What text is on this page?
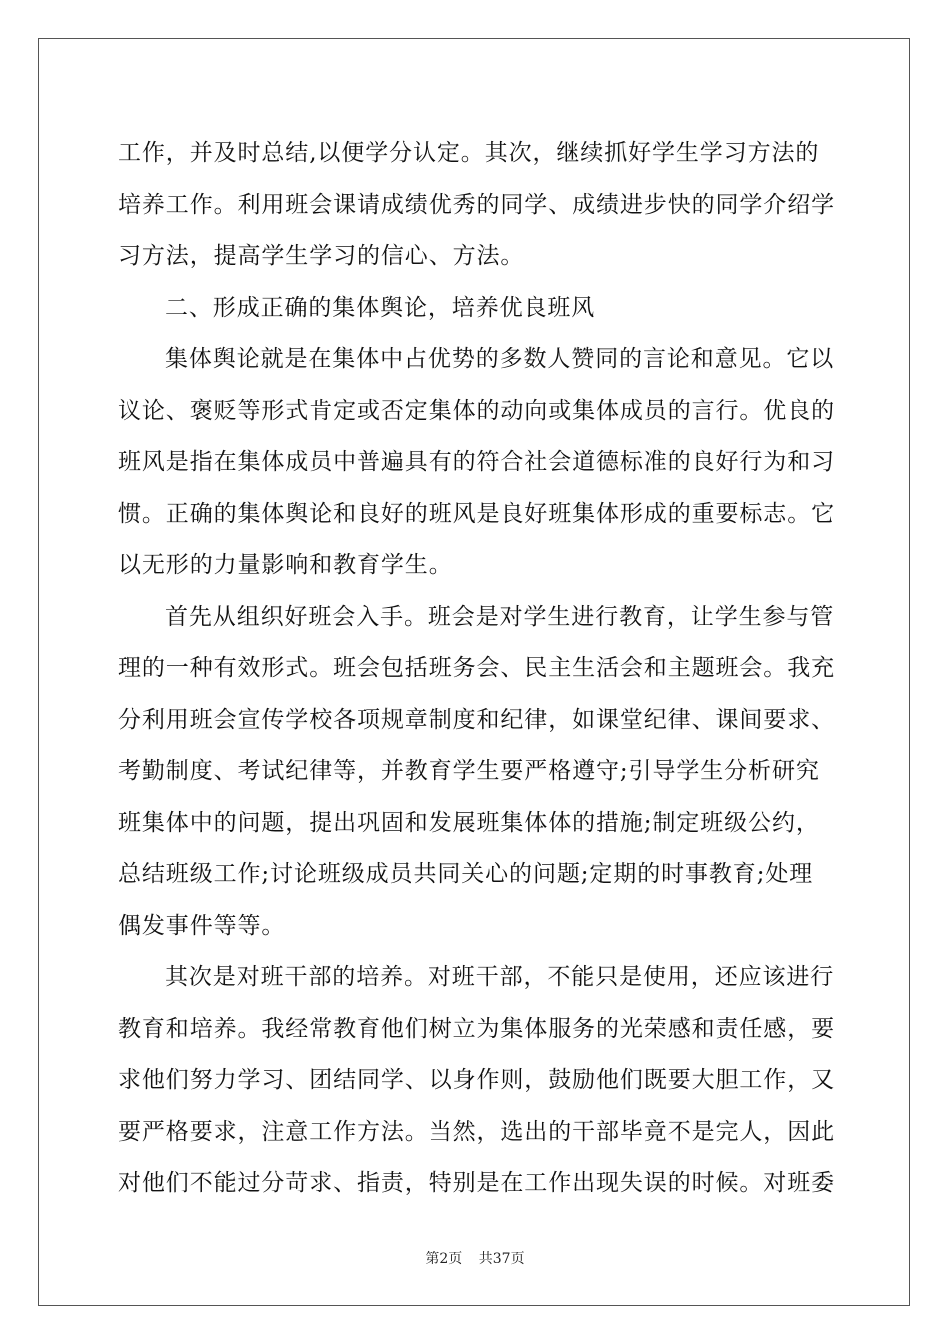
工作，并及时总结,以便学分认定。其次，继续抓好学生学习方法的
培养工作。利用班会课请成绩优秀的同学、成绩进步快的同学介绍学
习方法，提高学生学习的信心、方法。

二、形成正确的集体舆论，培养优良班风

集体舆论就是在集体中占优势的多数人赞同的言论和意见。它以
议论、褒贬等形式肯定或否定集体的动向或集体成员的言行。优良的
班风是指在集体成员中普遍具有的符合社会道德标准的良好行为和习
惯。正确的集体舆论和良好的班风是良好班集体形成的重要标志。它
以无形的力量影响和教育学生。

首先从组织好班会入手。班会是对学生进行教育，让学生参与管
理的一种有效形式。班会包括班务会、民主生活会和主题班会。我充
分利用班会宣传学校各项规章制度和纪律，如课堂纪律、课间要求、
考勤制度、考试纪律等，并教育学生要严格遵守;引导学生分析研究
班集体中的问题，提出巩固和发展班集体体的措施;制定班级公约，
总结班级工作;讨论班级成员共同关心的问题;定期的时事教育;处理
偶发事件等等。

其次是对班干部的培养。对班干部，不能只是使用，还应该进行
教育和培养。我经常教育他们树立为集体服务的光荣感和责任感，要
求他们努力学习、团结同学、以身作则，鼓励他们既要大胆工作，又
要严格要求，注意工作方法。当然，选出的干部毕竟不是完人，因此
对他们不能过分苛求、指责，特别是在工作出现失误的时候。对班委

第2页 共37页
